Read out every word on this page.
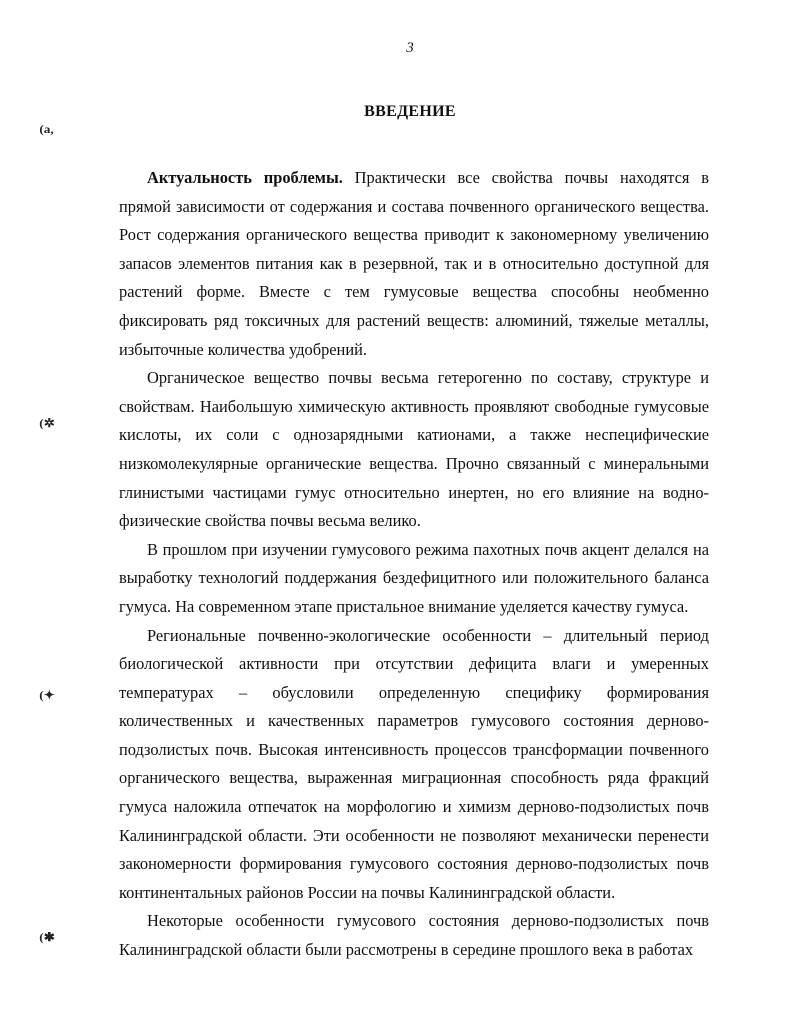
3
ВВЕДЕНИЕ
(a,
(✲
(✦
(✱

Актуальность проблемы. Практически все свойства почвы находятся в прямой зависимости от содержания и состава почвенного органического вещества. Рост содержания органического вещества приводит к закономерному увеличению запасов элементов питания как в резервной, так и в относительно доступной для растений форме. Вместе с тем гумусовые вещества способны необменно фиксировать ряд токсичных для растений веществ: алюминий, тяжелые металлы, избыточные количества удобрений.

Органическое вещество почвы весьма гетерогенно по составу, структуре и свойствам. Наибольшую химическую активность проявляют свободные гумусовые кислоты, их соли с однозарядными катионами, а также неспецифические низкомолекулярные органические вещества. Прочно связанный с минеральными глинистыми частицами гумус относительно инертен, но его влияние на водно-физические свойства почвы весьма велико.

В прошлом при изучении гумусового режима пахотных почв акцент делался на выработку технологий поддержания бездефицитного или положительного баланса гумуса. На современном этапе пристальное внимание уделяется качеству гумуса.

Региональные почвенно-экологические особенности – длительный период биологической активности при отсутствии дефицита влаги и умеренных температурах – обусловили определенную специфику формирования количественных и качественных параметров гумусового состояния дерново-подзолистых почв. Высокая интенсивность процессов трансформации почвенного органического вещества, выраженная миграционная способность ряда фракций гумуса наложила отпечаток на морфологию и химизм дерново-подзолистых почв Калининградской области. Эти особенности не позволяют механически перенести закономерности формирования гумусового состояния дерново-подзолистых почв континентальных районов России на почвы Калининградской области.

Некоторые особенности гумусового состояния дерново-подзолистых почв Калининградской области были рассмотрены в середине прошлого века в работах
